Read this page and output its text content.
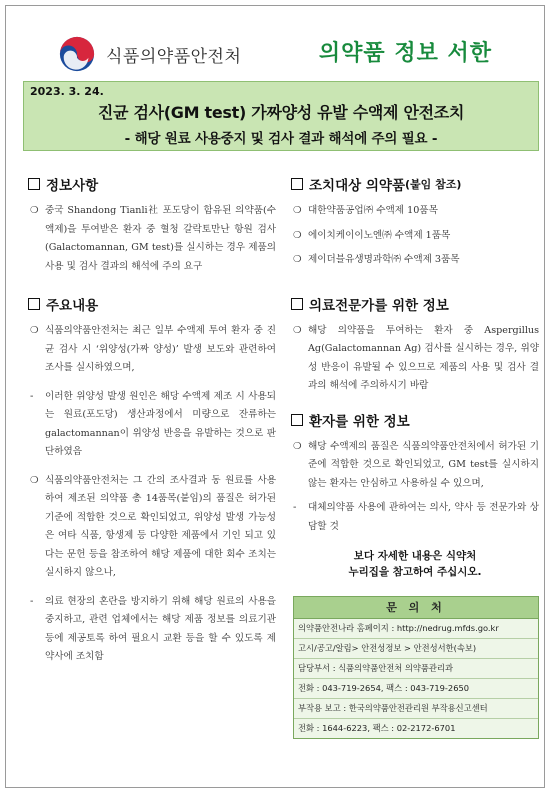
식품의약품안전처	의약품 정보 서한
2023. 3. 24.
진균 검사(GM test) 가짜양성 유발 수액제 안전조치
- 해당 원료 사용중지 및 검사 결과 해석에 주의 필요 -
정보사항
❍ 중국 Shandong Tianli社 포도당이 함유된 의약품(수액제)을 투여받은 환자 중 혈청 갈락토만난 항원 검사(Galactomannan, GM test)를 실시하는 경우 제품의 사용 및 검사 결과의 해석에 주의 요구
주요내용
❍ 식품의약품안전처는 최근 일부 수액제 투여 환자 중 진균 검사 시 ‘위양성(가짜 양성)’ 발생 보도와 관련하여 조사를 실시하였으며,
- 이러한 위양성 발생 원인은 해당 수액제 제조 시 사용되는 원료(포도당) 생산과정에서 미량으로 잔류하는 galactomannan이 위양성 반응을 유발하는 것으로 판단하였음
❍ 식품의약품안전처는 그 간의 조사결과 동 원료를 사용하여 제조된 의약품 총 14품목(붙임)의 품질은 허가된 기준에 적합한 것으로 확인되었고, 위양성 발생 가능성은 여타 식품, 항생제 등 다양한 제품에서 기인 되고 있다는 문헌 등을 참조하여 해당 제품에 대한 회수 조치는 실시하지 않으나,
- 의료 현장의 혼란을 방지하기 위해 해당 원료의 사용을 중지하고, 관련 업체에서는 해당 제품 정보를 의료기관 등에 제공토록 하여 필요시 교환 등을 할 수 있도록 제약사에 조치함
조치대상 의약품 (붙임 참조)
❍ 대한약품공업㈜ 수액제 10품목
❍ 에이치케이이노엔㈜ 수액제 1품목
❍ 제이더블유생명과학㈜ 수액제 3품목
의료전문가를 위한 정보
❍ 해당 의약품을 투여하는 환자 중 Aspergillus Ag(Galactomannan Ag) 검사를 실시하는 경우, 위양성 반응이 유발될 수 있으므로 제품의 사용 및 검사 결과의 해석에 주의하시기 바람
환자를 위한 정보
❍ 해당 수액제의 품질은 식품의약품안전처에서 허가된 기준에 적합한 것으로 확인되었고, GM test를 실시하지 않는 환자는 안심하고 사용하실 수 있으며,
- 대체의약품 사용에 관하여는 의사, 약사 등 전문가와 상담할 것
보다 자세한 내용은 식약처
누리집을 참고하여 주십시오.
문 의 처
의약품안전나라 홈페이지 : http://nedrug.mfds.go.kr
고시/공고/알림> 안전성정보 > 안전성서한(속보)
담당부서 : 식품의약품안전처 의약품관리과
전화 : 043-719-2654, 팩스 : 043-719-2650
부작용 보고 : 한국의약품안전관리원 부작용신고센터
전화 : 1644-6223, 팩스 : 02-2172-6701
